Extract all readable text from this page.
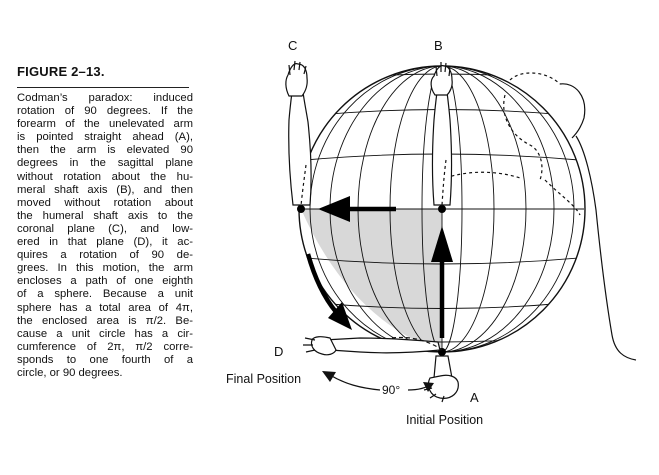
FIGURE 2–13.
Codman’s paradox: induced
rotation of 90 degrees. If the
forearm of the unelevated arm
is pointed straight ahead (A),
then the arm is elevated 90
degrees in the sagittal plane
without rotation about the hu-
meral shaft axis (B), and then
moved without rotation about
the humeral shaft axis to the
coronal plane (C), and low-
ered in that plane (D), it ac-
quires a rotation of 90 de-
grees. In this motion, the arm
encloses a path of one eighth
of a sphere. Because a unit
sphere has a total area of 4π,
the enclosed area is π/2. Be-
cause a unit circle has a cir-
cumference of 2π, π/2 corre-
sponds to one fourth of a
circle, or 90 degrees.
C	B
D
A
Final Position
Initial Position
90°
